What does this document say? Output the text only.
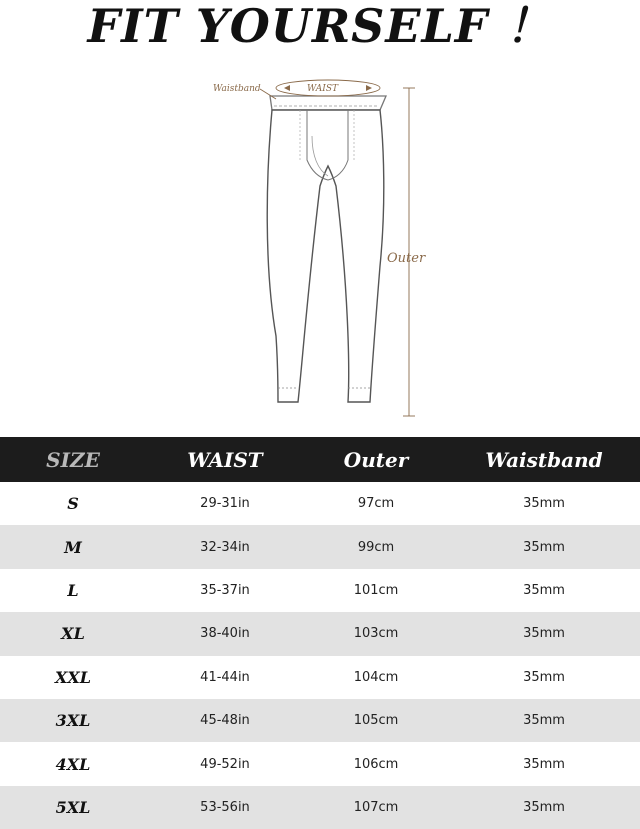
FIT YOURSELF ！
Waistband	WAIST
Outer
SIZE	WAIST	Outer	Waistband
S	29-31in	97cm	35mm
M	32-34in	99cm	35mm
L	35-37in	101cm	35mm
XL	38-40in	103cm	35mm
XXL	41-44in	104cm	35mm
3XL	45-48in	105cm	35mm
4XL	49-52in	106cm	35mm
5XL	53-56in	107cm	35mm
